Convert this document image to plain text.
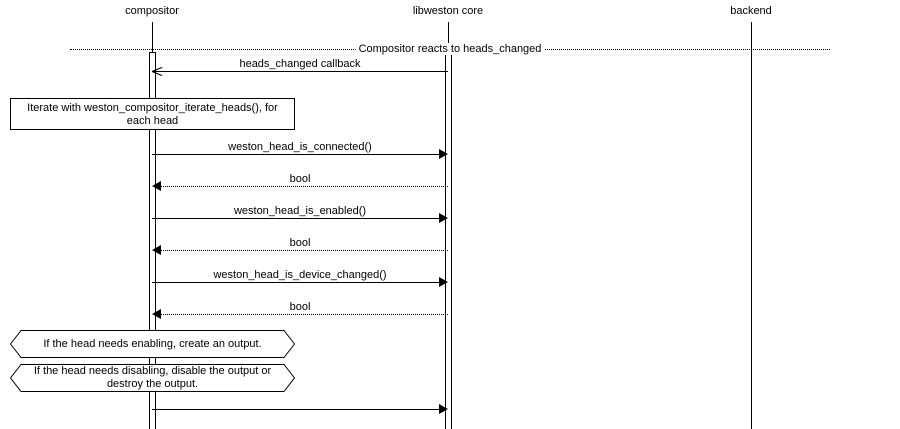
compositor	libweston core	backend
Compositor reacts to heads_changed
heads_changed callback
Iterate with weston_compositor_iterate_heads(), for each head
weston_head_is_connected()
bool
weston_head_is_enabled()
bool
weston_head_is_device_changed()
bool
If the head needs enabling, create an output.
If the head needs disabling, disable the output or destroy the output.
